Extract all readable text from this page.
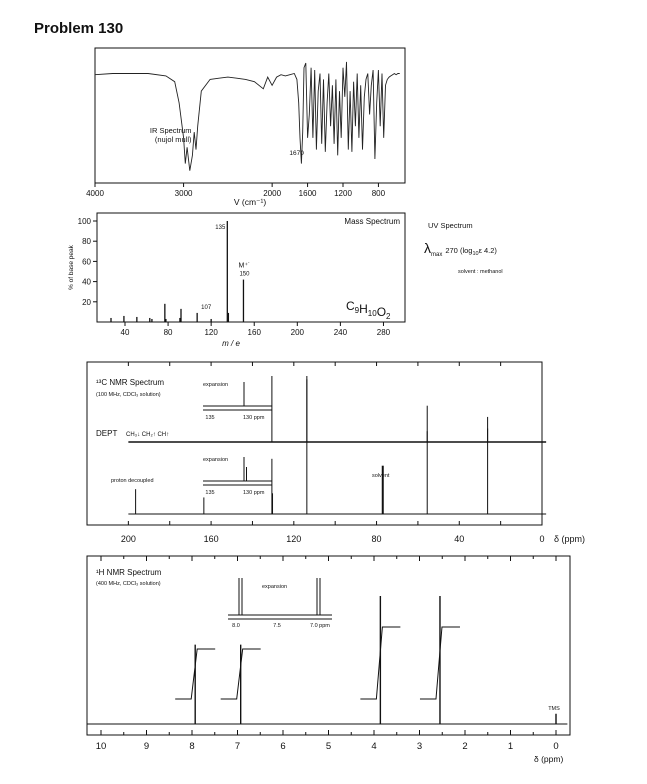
Problem 130
4000	3000	2000 1600 1200 800
IR Spectrum
(nujol mull)
1670
V (cm⁻¹)
20
40
60
80
100
40	80	120	160	200	240	280
135
107
M⁺˙
150
Mass Spectrum
m / e
% of base peak
$C_9H_{10}O_2$
UV Spectrum
$\lambda_{max}$ $^{270 (log}$10ε 4.2)
solvent : methanol
200	160	120	80	40	0 δ (ppm)
¹³C NMR Spectrum
(100 MHz, CDCl₃ solution)
DEPT CH₃↓ CH₂↑ CH↑
proton decoupled
solvent
expansion
135	130 ppm
expansion
135	130 ppm
10	9	8	7	6	5	4	3	2	1	0
δ (ppm)
TMS
¹H NMR Spectrum
(400 MHz, CDCl₃ solution)	expansion
8.0	7.5	7.0 ppm
